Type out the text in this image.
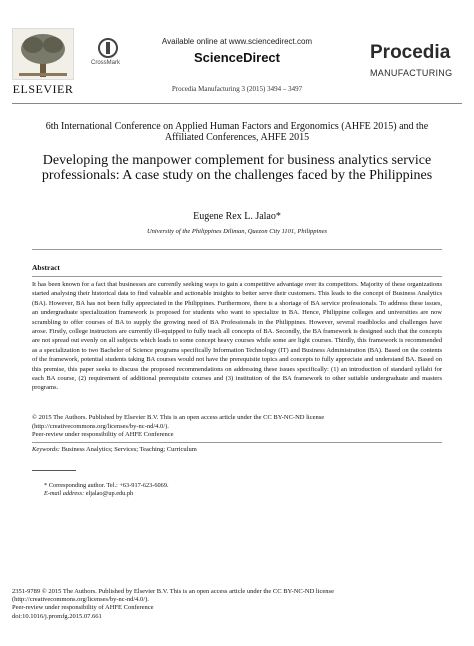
ELSEVIER
CrossMark
Available online at www.sciencedirect.com
ScienceDirect
Procedia Manufacturing 3 (2015) 3494 – 3497
Procedia
MANUFACTURING
6th International Conference on Applied Human Factors and Ergonomics (AHFE 2015) and the Affiliated Conferences, AHFE 2015
Developing the manpower complement for business analytics service professionals: A case study on the challenges faced by the Philippines
Eugene Rex L. Jalao*
University of the Philippines Diliman, Quezon City 1101, Philippines
Abstract
It has been known for a fact that businesses are currently seeking ways to gain a competitive advantage over its competitors. Majority of these organizations started analysing their historical data to find valuable and actionable insights to better serve their customers. This leads to the concept of Business Analytics (BA). However, BA has not been fully appreciated in the Philippines. Furthermore, there is a shortage of BA service professionals. To address these issues, an undergraduate specialization framework is proposed for students who want to specialize in BA. Hence, Philippine colleges and universities are now scrambling to offer courses of BA to supply the growing need of BA Professionals in the Philippines. However, several roadblocks and challenges have arose. Firstly, college instructors are currently ill-equipped to fully teach all concepts of BA. Secondly, the BA framework is designed such that the concepts are not spread out evenly on all subjects which leads to some concept heavy courses while some are light courses. Thirdly, this framework is recommended as a specialization to two Bachelor of Science programs specifically Information Technology (IT) and Business Administration (BA). Based on the contents of the framework, potential students taking BA courses would not have the prerequisite topics and concepts to fully appreciate and understand BA. Based on this premise, this paper seeks to discuss the proposed recommendations on addressing these issues specifically: (1) an introduction of standard syllabi for each BA course, (2) requirement of additional prerequisite courses and (3) institution of the BA framework to other suitable undergraduate and masters programs.
© 2015 The Authors. Published by Elsevier B.V. This is an open access article under the CC BY-NC-ND license
(http://creativecommons.org/licenses/by-nc-nd/4.0/).
Peer-review under responsibility of AHFE Conference
Keywords: Business Analytics; Services; Teaching; Curriculum
* Corresponding author. Tel.: +63-917-623-6069.
E-mail address: eljalao@up.edu.ph
2351-9789 © 2015 The Authors. Published by Elsevier B.V. This is an open access article under the CC BY-NC-ND license
(http://creativecommons.org/licenses/by-nc-nd/4.0/).
Peer-review under responsibility of AHFE Conference
doi:10.1016/j.promfg.2015.07.661
